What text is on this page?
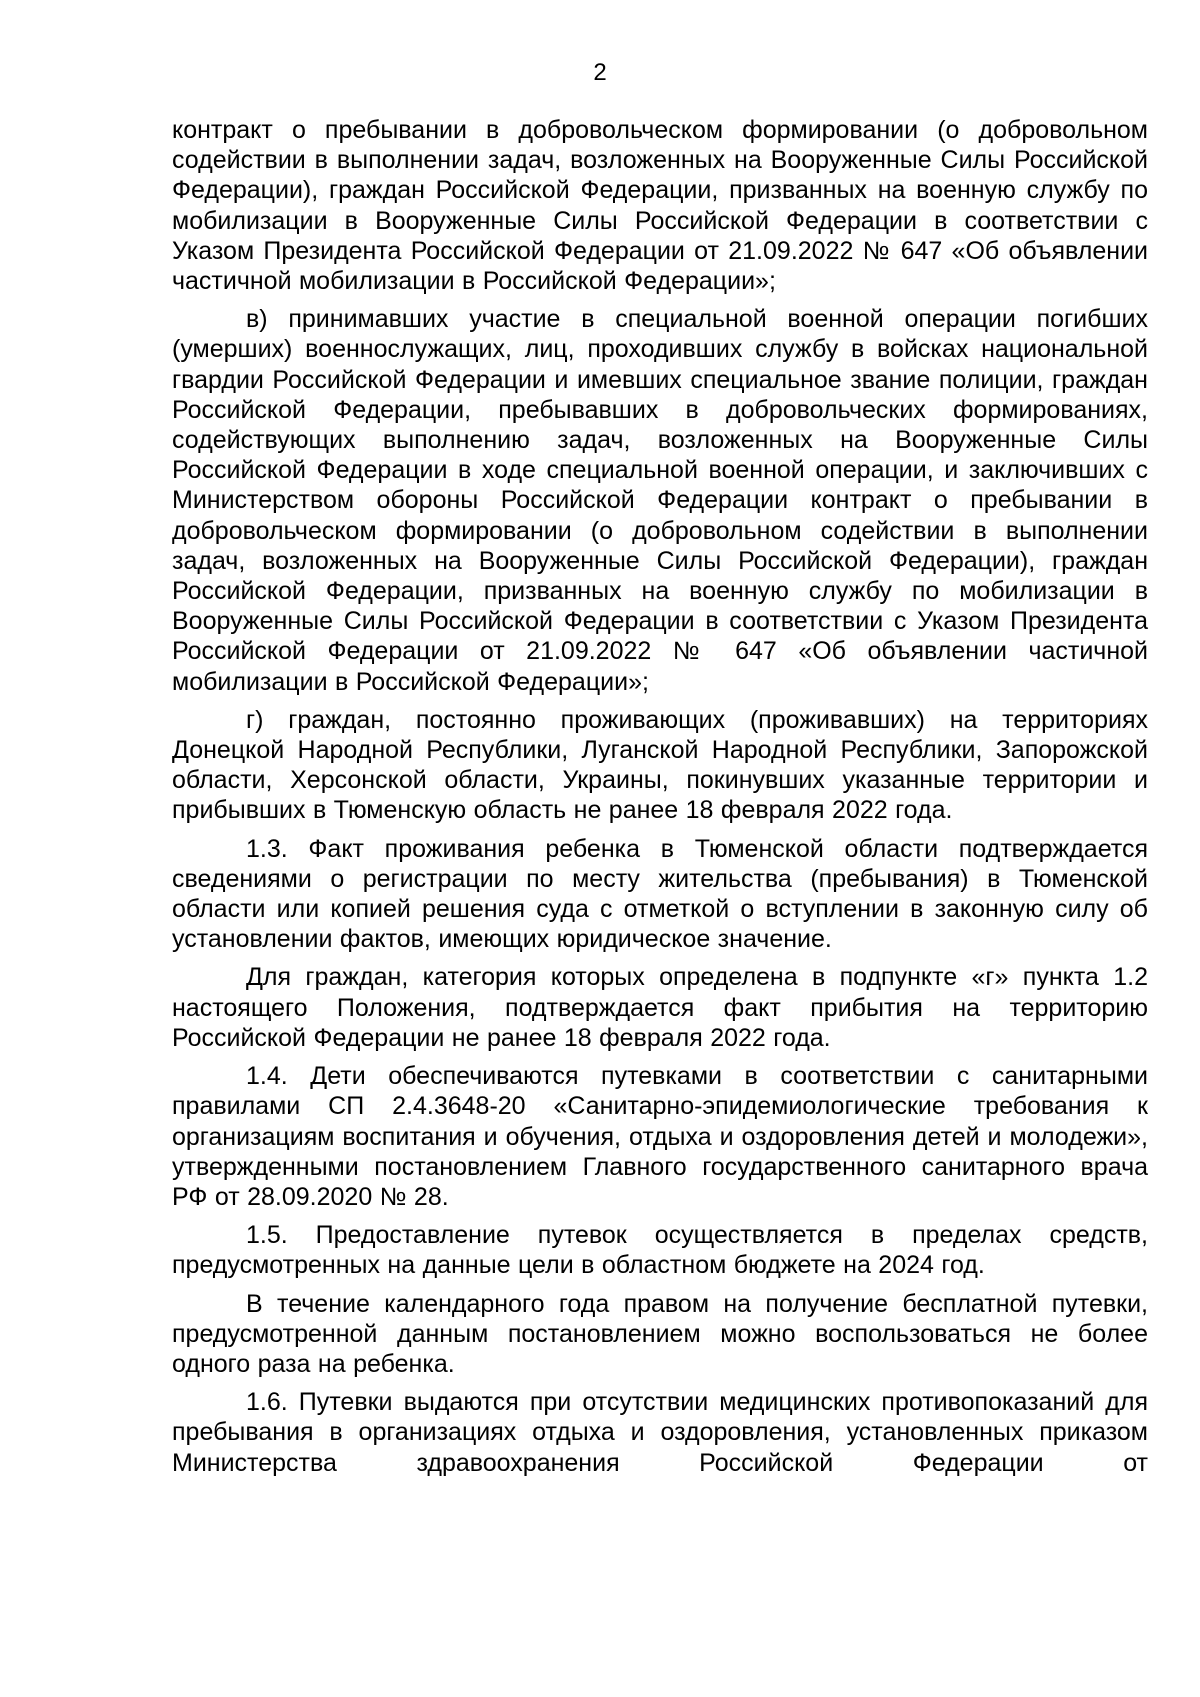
2

контракт о пребывании в добровольческом формировании (о добровольном содействии в выполнении задач, возложенных на Вооруженные Силы Российской Федерации), граждан Российской Федерации, призванных на военную службу по мобилизации в Вооруженные Силы Российской Федерации в соответствии с Указом Президента Российской Федерации от 21.09.2022 № 647 «Об объявлении частичной мобилизации в Российской Федерации»;

в) принимавших участие в специальной военной операции погибших (умерших) военнослужащих, лиц, проходивших службу в войсках национальной гвардии Российской Федерации и имевших специальное звание полиции, граждан Российской Федерации, пребывавших в добровольческих формированиях, содействующих выполнению задач, возложенных на Вооруженные Силы Российской Федерации в ходе специальной военной операции, и заключивших с Министерством обороны Российской Федерации контракт о пребывании в добровольческом формировании (о добровольном содействии в выполнении задач, возложенных на Вооруженные Силы Российской Федерации), граждан Российской Федерации, призванных на военную службу по мобилизации в Вооруженные Силы Российской Федерации в соответствии с Указом Президента Российской Федерации от 21.09.2022 № 647 «Об объявлении частичной мобилизации в Российской Федерации»;

г) граждан, постоянно проживающих (проживавших) на территориях Донецкой Народной Республики, Луганской Народной Республики, Запорожской области, Херсонской области, Украины, покинувших указанные территории и прибывших в Тюменскую область не ранее 18 февраля 2022 года.

1.3. Факт проживания ребенка в Тюменской области подтверждается сведениями о регистрации по месту жительства (пребывания) в Тюменской области или копией решения суда с отметкой о вступлении в законную силу об установлении фактов, имеющих юридическое значение.

Для граждан, категория которых определена в подпункте «г» пункта 1.2 настоящего Положения, подтверждается факт прибытия на территорию Российской Федерации не ранее 18 февраля 2022 года.

1.4. Дети обеспечиваются путевками в соответствии с санитарными правилами СП 2.4.3648-20 «Санитарно-эпидемиологические требования к организациям воспитания и обучения, отдыха и оздоровления детей и молодежи», утвержденными постановлением Главного государственного санитарного врача РФ от 28.09.2020 № 28.

1.5. Предоставление путевок осуществляется в пределах средств, предусмотренных на данные цели в областном бюджете на 2024 год.

В течение календарного года правом на получение бесплатной путевки, предусмотренной данным постановлением можно воспользоваться не более одного раза на ребенка.

1.6. Путевки выдаются при отсутствии медицинских противопоказаний для пребывания в организациях отдыха и оздоровления, установленных приказом Министерства здравоохранения Российской Федерации от
